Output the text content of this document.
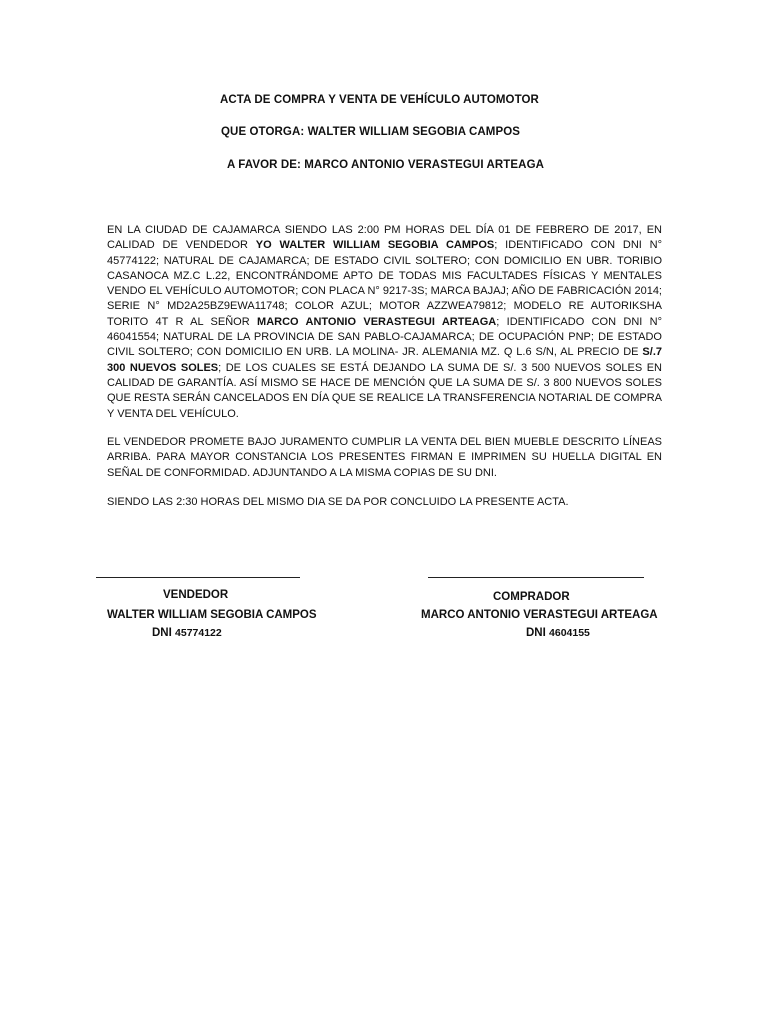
ACTA DE COMPRA Y VENTA DE VEHÍCULO AUTOMOTOR
QUE OTORGA: WALTER WILLIAM SEGOBIA CAMPOS
A FAVOR DE: MARCO ANTONIO VERASTEGUI ARTEAGA

EN LA CIUDAD DE CAJAMARCA SIENDO LAS 2:00 PM HORAS DEL DÍA 01 DE FEBRERO DE 2017, EN CALIDAD DE VENDEDOR YO WALTER WILLIAM SEGOBIA CAMPOS; IDENTIFICADO CON DNI N° 45774122; NATURAL DE CAJAMARCA; DE ESTADO CIVIL SOLTERO; CON DOMICILIO EN UBR. TORIBIO CASANOCA MZ.C L.22, ENCONTRÁNDOME APTO DE TODAS MIS FACULTADES FÍSICAS Y MENTALES VENDO EL VEHÍCULO AUTOMOTOR; CON PLACA N° 9217-3S; MARCA BAJAJ; AÑO DE FABRICACIÓN 2014; SERIE N° MD2A25BZ9EWA11748; COLOR AZUL; MOTOR AZZWEA79812; MODELO RE AUTORIKSHA TORITO 4T R AL SEÑOR MARCO ANTONIO VERASTEGUI ARTEAGA; IDENTIFICADO CON DNI N° 46041554; NATURAL DE LA PROVINCIA DE SAN PABLO-CAJAMARCA; DE OCUPACIÓN PNP; DE ESTADO CIVIL SOLTERO; CON DOMICILIO EN URB. LA MOLINA- JR. ALEMANIA MZ. Q L.6 S/N, AL PRECIO DE S/.7 300 NUEVOS SOLES; DE LOS CUALES SE ESTÁ DEJANDO LA SUMA DE S/. 3 500 NUEVOS SOLES EN CALIDAD DE GARANTÍA. ASÍ MISMO SE HACE DE MENCIÓN QUE LA SUMA DE S/. 3 800 NUEVOS SOLES QUE RESTA SERÁN CANCELADOS EN DÍA QUE SE REALICE LA TRANSFERENCIA NOTARIAL DE COMPRA Y VENTA DEL VEHÍCULO.

EL VENDEDOR PROMETE BAJO JURAMENTO CUMPLIR LA VENTA DEL BIEN MUEBLE DESCRITO LÍNEAS ARRIBA. PARA MAYOR CONSTANCIA LOS PRESENTES FIRMAN E IMPRIMEN SU HUELLA DIGITAL EN SEÑAL DE CONFORMIDAD. ADJUNTANDO A LA MISMA COPIAS DE SU DNI.

SIENDO LAS 2:30 HORAS DEL MISMO DIA SE DA POR CONCLUIDO LA PRESENTE ACTA.

VENDEDOR
WALTER WILLIAM SEGOBIA CAMPOS
DNI 45774122
COMPRADOR
MARCO ANTONIO VERASTEGUI ARTEAGA
DNI 4604155
